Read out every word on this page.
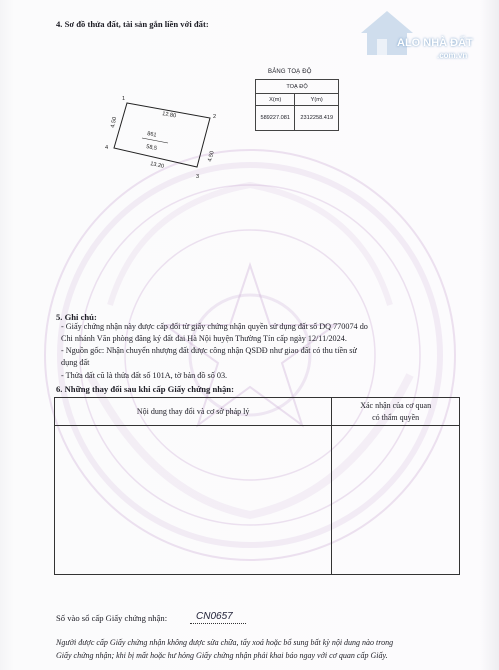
ALO NHÀ ĐẤT
.com.vn
4. Sơ đồ thửa đất, tài sản gắn liền với đất:
1
2
3
4
12.80
13.20
4.50
4.50
861
58,5
BẢNG TOẠ ĐỘ
TOẠ ĐỘ	
X(m)	Y(m)
589227.081	2312258.419
5. Ghi chú:
- Giấy chứng nhận này được cấp đổi từ giấy chứng nhận quyền sử dụng đất số DQ 770074 do
Chi nhánh Văn phòng đăng ký đất đai Hà Nội huyện Thường Tín cấp ngày 12/11/2024.
- Nguồn gốc: Nhận chuyển nhượng đất được công nhận QSDĐ như giao đất có thu tiền sử
dụng đất
- Thửa đất cũ là thửa đất số 101A, tờ bản đồ số 03.
6. Những thay đổi sau khi cấp Giấy chứng nhận:
Nội dung thay đổi và cơ sở pháp lý	Xác nhận của cơ quan
có thẩm quyền

Số vào sổ cấp Giấy chứng nhận:	CN0657
Người được cấp Giấy chứng nhận không được sửa chữa, tẩy xoá hoặc bổ sung bất kỳ nội dung nào trong
Giấy chứng nhận; khi bị mất hoặc hư hỏng Giấy chứng nhận phải khai báo ngay với cơ quan cấp Giấy.
